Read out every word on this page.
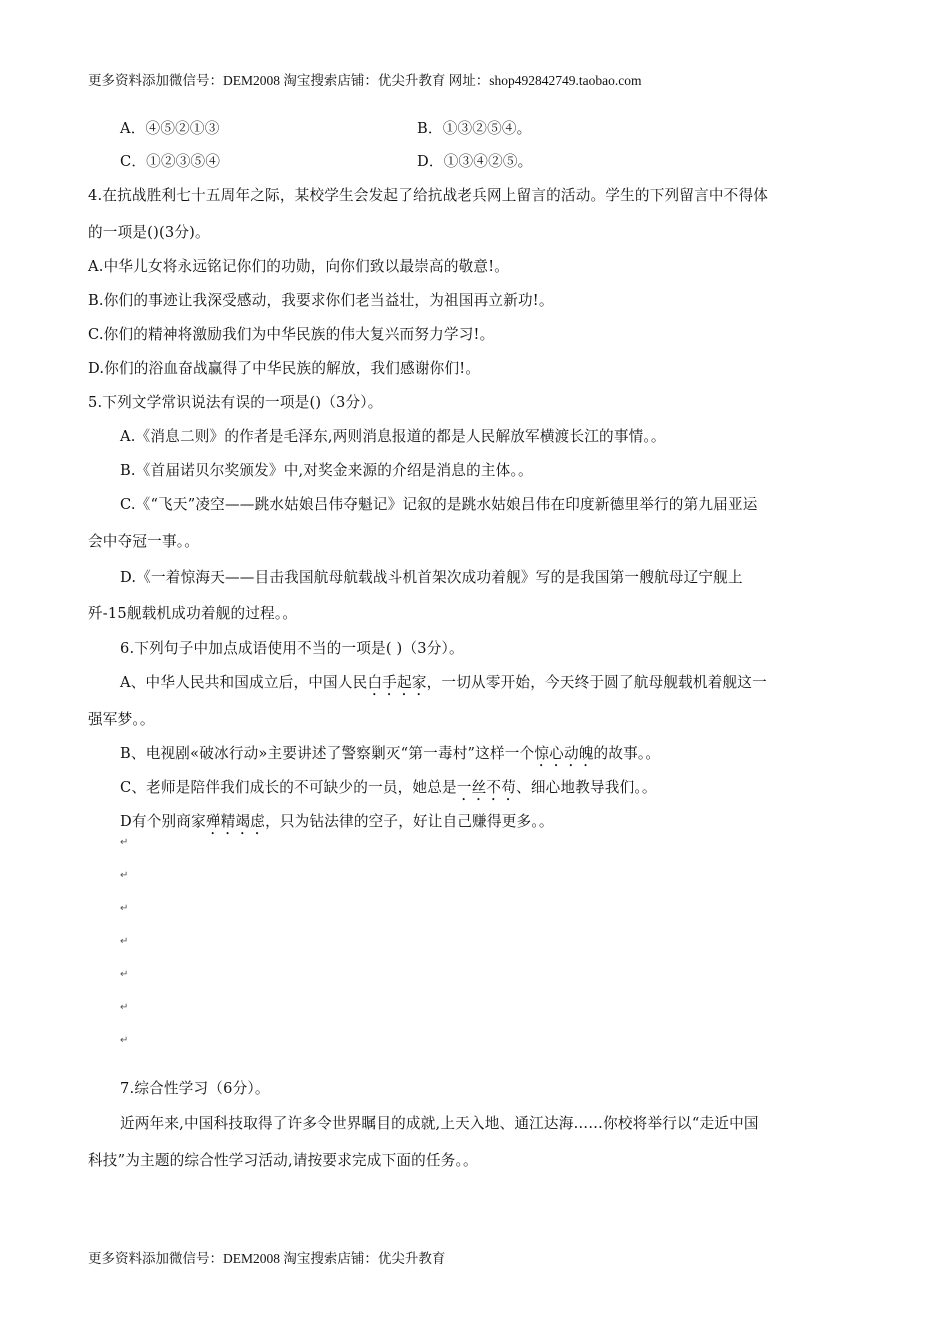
更多资料添加微信号：DEM2008 淘宝搜索店铺：优尖升教育 网址：shop492842749.taobao.com
A．④⑤②①③	B．①③②⑤④。
C．①②③⑤④	D．①③④②⑤。
4.在抗战胜利七十五周年之际，某校学生会发起了给抗战老兵网上留言的活动。学生的下列留言中不得体
的一项是()(3分)。
A.中华儿女将永远铭记你们的功勋，向你们致以最崇高的敬意!。
B.你们的事迹让我深受感动，我要求你们老当益壮，为祖国再立新功!。
C.你们的精神将激励我们为中华民族的伟大复兴而努力学习!。
D.你们的浴血奋战赢得了中华民族的解放，我们感谢你们!。
5.下列文学常识说法有误的一项是()（3分）。
A.《消息二则》的作者是毛泽东,两则消息报道的都是人民解放军横渡长江的事情。。
B.《首届诺贝尔奖颁发》中,对奖金来源的介绍是消息的主体。。
C.《“飞天”凌空——跳水姑娘吕伟夺魁记》记叙的是跳水姑娘吕伟在印度新德里举行的第九届亚运
会中夺冠一事。。
D.《一着惊海天——目击我国航母航载战斗机首架次成功着舰》写的是我国第一艘航母辽宁舰上
歼-15舰载机成功着舰的过程。。
6.下列句子中加点成语使用不当的一项是( )（3分）。
A、中华人民共和国成立后，中国人民白手起家，一切从零开始，今天终于圆了航母舰载机着舰这一
强军梦。。
B、电视剧«破冰行动»主要讲述了警察剿灭“第一毒村”这样一个惊心动魄的故事。。
C、老师是陪伴我们成长的不可缺少的一员，她总是一丝不苟、细心地教导我们。。
D有个别商家殚精竭虑，只为钻法律的空子，好让自己赚得更多。。
↵
↵
↵
↵
↵
↵
↵
7.综合性学习（6分）。
近两年来,中国科技取得了许多令世界瞩目的成就,上天入地、通江达海……你校将举行以“走近中国
科技”为主题的综合性学习活动,请按要求完成下面的任务。。
更多资料添加微信号：DEM2008 淘宝搜索店铺：优尖升教育
